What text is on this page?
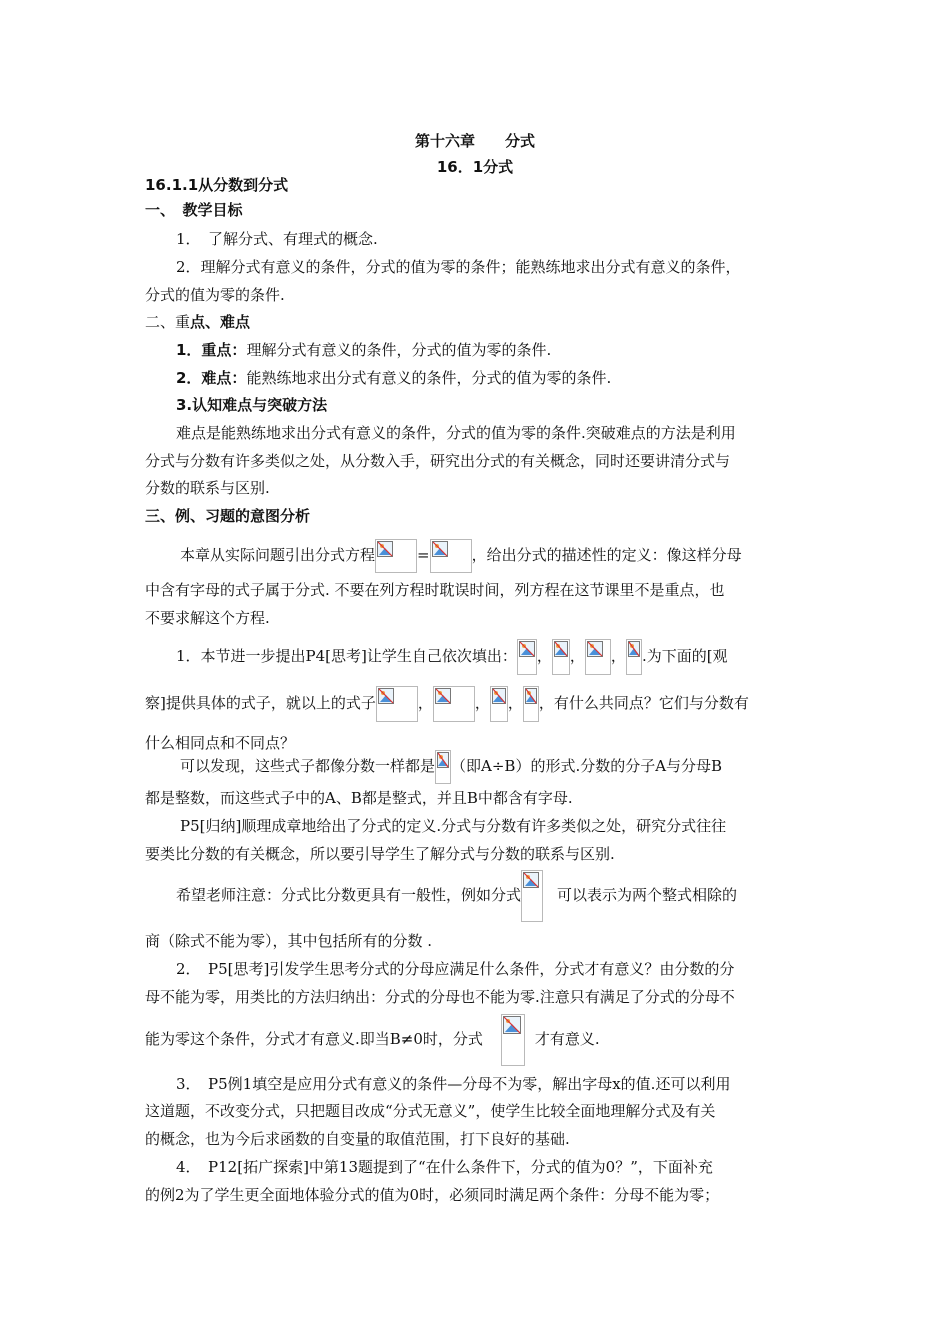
第十六章　　分式
16．1分式
16.1.1从分数到分式
一、　教学目标
1．　了解分式、有理式的概念.
2．理解分式有意义的条件，分式的值为零的条件；能熟练地求出分式有意义的条件，
分式的值为零的条件.
二、重点、难点
1．重点：理解分式有意义的条件，分式的值为零的条件.
2．难点：能熟练地求出分式有意义的条件，分式的值为零的条件.
3.认知难点与突破方法
难点是能熟练地求出分式有意义的条件，分式的值为零的条件.突破难点的方法是利用
分式与分数有许多类似之处，从分数入手，研究出分式的有关概念，同时还要讲清分式与
分数的联系与区别.
三、例、习题的意图分析
本章从实际问题引出分式方程	=	，给出分式的描述性的定义：像这样分母
中含有字母的式子属于分式. 不要在列方程时耽误时间，列方程在这节课里不是重点，也
不要求解这个方程.
1．本节进一步提出P4[思考]让学生自己依次填出： ， ， ， .为下面的[观
察]提供具体的式子，就以上的式子	，	， ， ，有什么共同点？它们与分数有
什么相同点和不同点？
可以发现，这些式子都像分数一样都是 （即A÷B）的形式.分数的分子A与分母B
都是整数，而这些式子中的A、B都是整式，并且B中都含有字母.
P5[归纳]顺理成章地给出了分式的定义.分式与分数有许多类似之处，研究分式往往
要类比分数的有关概念，所以要引导学生了解分式与分数的联系与区别.
希望老师注意：分式比分数更具有一般性，例如分式 可以表示为两个整式相除的
商（除式不能为零），其中包括所有的分数 .
2．　P5[思考]引发学生思考分式的分母应满足什么条件，分式才有意义？由分数的分
母不能为零，用类比的方法归纳出：分式的分母也不能为零.注意只有满足了分式的分母不
能为零这个条件，分式才有意义.即当B≠0时，分式	才有意义.
3．　P5例1填空是应用分式有意义的条件—分母不为零，解出字母x的值.还可以利用
这道题，不改变分式，只把题目改成“分式无意义”，使学生比较全面地理解分式及有关
的概念，也为今后求函数的自变量的取值范围，打下良好的基础.
4．　P12[拓广探索]中第13题提到了“在什么条件下，分式的值为0？”，下面补充
的例2为了学生更全面地体验分式的值为0时，必须同时满足两个条件：分母不能为零；
